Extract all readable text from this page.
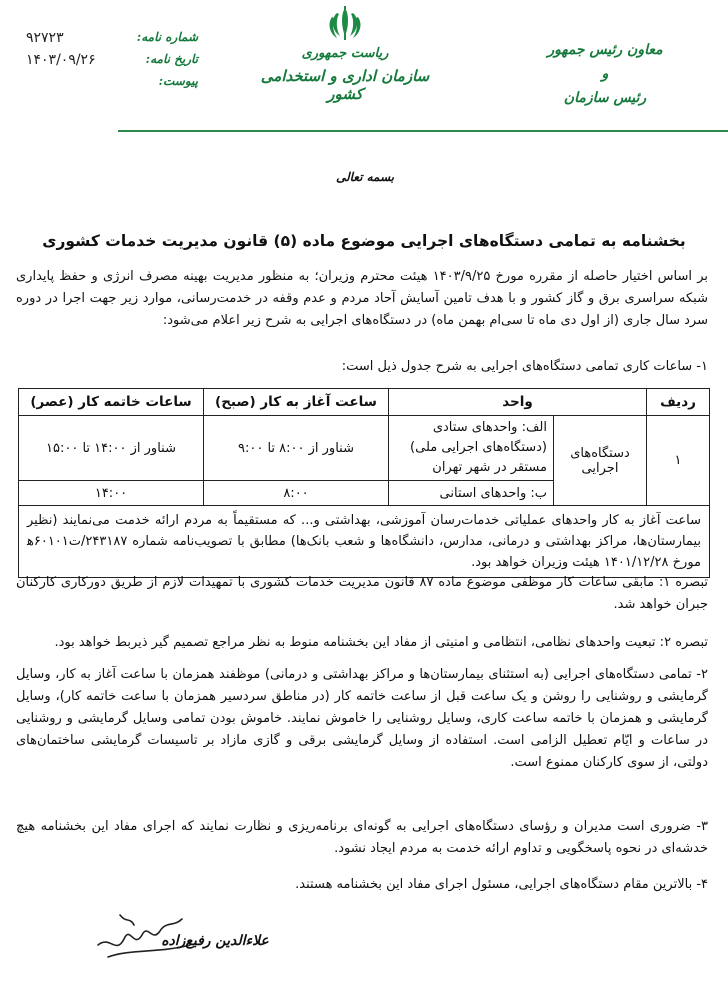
معاون رئیس جمهور
و
رئیس سازمان
ریاست جمهوری
سازمان اداری و استخدامی کشور
شماره نامه:
۹۲۷۲۳
تاریخ نامه:
۱۴۰۳/۰۹/۲۶
پیوست:
بسمه تعالی
بخشنامه به تمامی دستگاه‌های اجرایی موضوع ماده (۵) قانون مدیریت خدمات کشوری
بر اساس اختیار حاصله از مقرره مورخ ۱۴۰۳/۹/۲۵ هیئت محترم وزیران؛ به منظور مدیریت بهینه مصرف انرژی و حفظ پایداری شبکه سراسری برق و گاز کشور و با هدف تامین آسایش آحاد مردم و عدم وقفه در خدمت‌رسانی، موارد زیر جهت اجرا در دوره سرد سال جاری (از اول دی ماه تا سی‌ام بهمن ماه) در دستگاه‌های اجرایی به شرح زیر اعلام می‌شود:
۱- ساعات کاری تمامی دستگاه‌های اجرایی به شرح جدول ذیل است:
ردیف	واحد		ساعت آغاز به کار (صبح)	ساعات خاتمه کار (عصر)
۱	دستگاه‌های اجرایی	الف: واحدهای ستادی (دستگاه‌های اجرایی ملی) مستقر در شهر تهران	شناور از ۸:۰۰ تا ۹:۰۰	شناور از ۱۴:۰۰ تا ۱۵:۰۰
		ب: واحدهای استانی	۸:۰۰	۱۴:۰۰
ساعت آغاز به کار واحدهای عملیاتی خدمات‌رسان آموزشی، بهداشتی و... که مستقیماً به مردم ارائه خدمت می‌نمایند (نظیر بیمارستان‌ها، مراکز بهداشتی و درمانی، مدارس، دانشگاه‌ها و شعب بانک‌ها) مطابق با تصویب‌نامه شماره ۲۴۳۱۸۷/ت۶۰۱۰۱ه‍ مورخ ۱۴۰۱/۱۲/۲۸ هیئت وزیران خواهد بود.				
تبصره ۱: مابقی ساعات کار موظفی موضوع ماده ۸۷ قانون مدیریت خدمات کشوری با تمهیدات لازم از طریق دورکاری کارکنان جبران خواهد شد.
تبصره ۲: تبعیت واحدهای نظامی، انتظامی و امنیتی از مفاد این بخشنامه منوط به نظر مراجع تصمیم گیر ذیربط خواهد بود.
۲- تمامی دستگاه‌های اجرایی (به استثنای بیمارستان‌ها و مراکز بهداشتی و درمانی) موظفند همزمان با ساعت آغاز به کار، وسایل گرمایشی و روشنایی را روشن و یک ساعت قبل از ساعت خاتمه کار (در مناطق سردسیر همزمان با ساعت خاتمه کار)، وسایل گرمایشی و همزمان با خاتمه ساعت کاری، وسایل روشنایی را خاموش نمایند. خاموش بودن تمامی وسایل گرمایشی و روشنایی در ساعات و ایّام تعطیل الزامی است. استفاده از وسایل گرمایشی برقی و گازی مازاد بر تاسیسات گرمایشی ساختمان‌های دولتی، از سوی کارکنان ممنوع است.
۳- ضروری است مدیران و رؤسای دستگاه‌های اجرایی به گونه‌ای برنامه‌ریزی و نظارت نمایند که اجرای مفاد این بخشنامه هیچ خدشه‌ای در نحوه پاسخگویی و تداوم ارائه خدمت به مردم ایجاد نشود.
۴- بالاترین مقام دستگاه‌های اجرایی، مسئول اجرای مفاد این بخشنامه هستند.
علاءالدین رفیع‌زاده
